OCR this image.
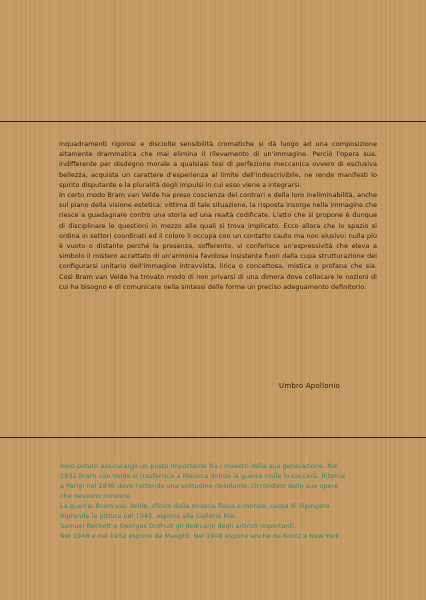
inquadramenti rigorosi e disciolte sensibilità cromatiche si dà luogo ad una composizione altamente drammatica che mai elimina il rilevamento di un'immagine. Perciò l'opera sua, indifferente per disdegno morale a qualsiasi tesi di perfezione meccanica ovvero di esclusiva bellezza, acquista un carattere d'esperienza al limite dell'indescrivibile, ne rende manifesti lo spirito disputante e la pluralità degli impulsi in cui esso viene a integrarsi.

In certo modo Bram van Velde ha preso coscienza dei contrari e della loro ineliminabilità, anche sul piano della visione estetica: vittima di tale situazione, la risposta insorge nella immagine che riesce a guadagnare contro una storia ed una realtà codificate. L'atto che si propone è dunque di disciplinare le questioni in mezzo alle quali si trova implicato. Ecco allora che lo spazio si ordina in settori coordinati ed il colore li occupa con un contatto cauto ma non elusivo: nulla più è vuoto o distante perché la presenza, sofferente, vi conferisce un'espressività che eleva a simbolo il mistero accettato di un'armonia favolosa insistente fuori dalla cupa strutturazione dei configurarsi unitario dell'immagine intravvista, lirica o concettosa, mistica o profana che sia. Così Bram van Velde ha trovato modo di non privarsi di una dimora dove collocare le nozioni di cui ha bisogno e di comunicare nella sintassi delle forme un preciso adeguamento definitorio.

Umbro Apollonio
bero potuto assicurargli un posto importante fra i maestri della sua generazione. Nel
1932 Bram van Velde si trasferisce a Maiorca donde la guerra civile lo caccerà. Ritorna
a Parigi nel 1936 dove l'attende una solitudine desolante, circondato dalle sue opere
che nessuno conosce.
La guerra: Bram van Velde, sfinito dalla miseria fisica e morale, cessa di dipingere.
Riprende la pittura nel 1945, espone alla Gallerie Maï.
Samuel Beckett e Georges Duthuit gli dedicano degli articoli importanti.
Nel 1948 e nel 1952 espone da Maeght. Nel 1948 espone anche da Kootz a New York.
